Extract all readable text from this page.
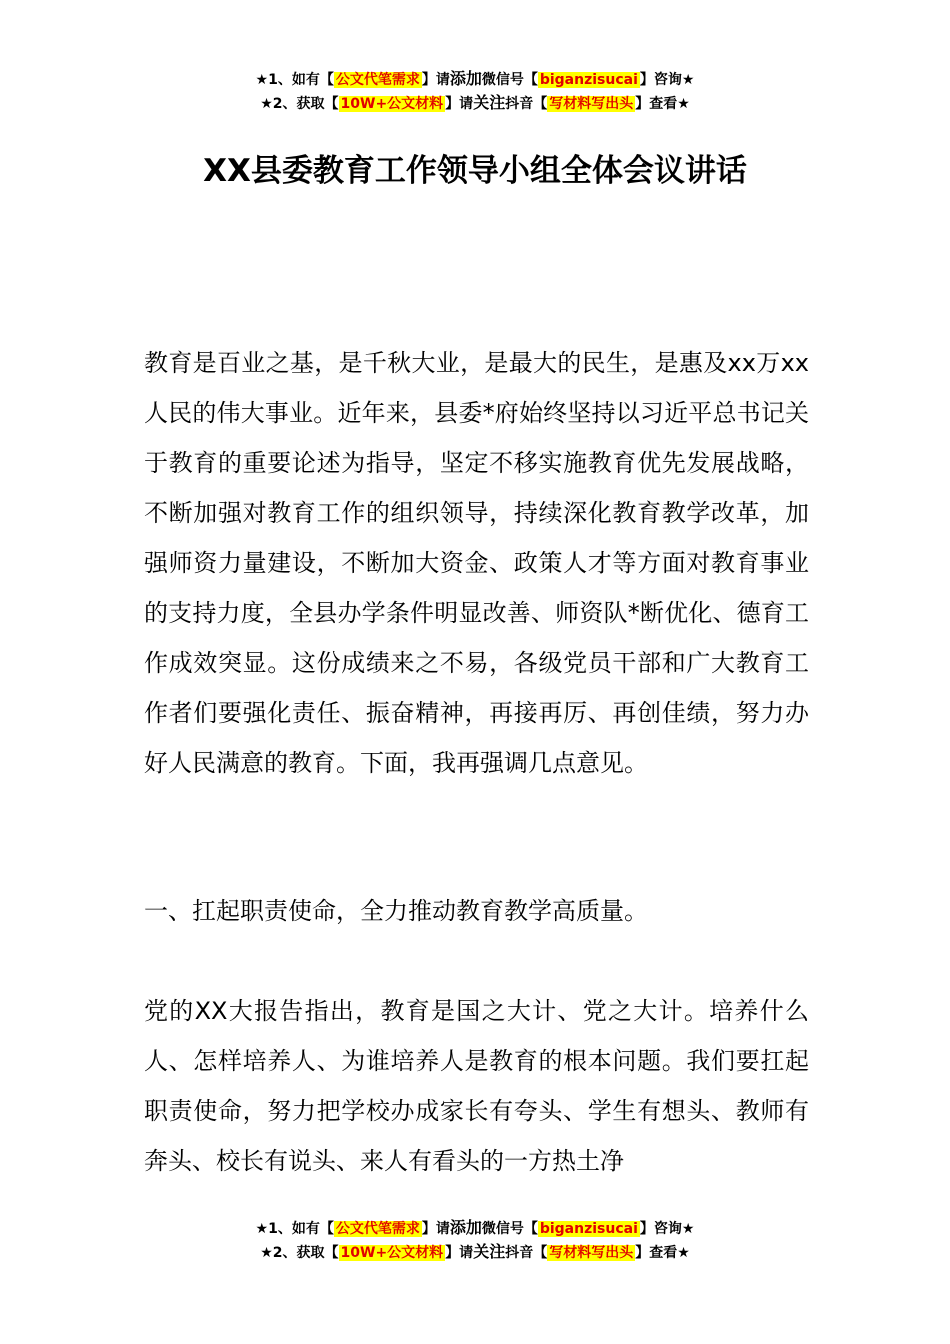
★1、如有【 公文代笔需求 】请添加微信号【 biganzisucai 】咨询★
★2、获取【 10W+公文材料 】请关注抖音【 写材料写出头 】查看★
XX县委教育工作领导小组全体会议讲话

教育是百业之基，是千秋大业，是最大的民生，是惠及xx万xx人民的伟大事业。近年来，县委*府始终坚持以习近平总书记关于教育的重要论述为指导，坚定不移实施教育优先发展战略，不断加强对教育工作的组织领导，持续深化教育教学改革，加强师资力量建设，不断加大资金、政策人才等方面对教育事业的支持力度，全县办学条件明显改善、师资队*断优化、德育工作成效突显。这份成绩来之不易，各级党员干部和广大教育工作者们要强化责任、振奋精神，再接再厉、再创佳绩，努力办好人民满意的教育。下面，我再强调几点意见。

一、扛起职责使命，全力推动教育教学高质量。

党的XX大报告指出，教育是国之大计、党之大计。培养什么人、怎样培养人、为谁培养人是教育的根本问题。我们要扛起职责使命，努力把学校办成家长有夸头、学生有想头、教师有奔头、校长有说头、来人有看头的一方热土净

★1、如有【 公文代笔需求 】请添加微信号【 biganzisucai 】咨询★
★2、获取【 10W+公文材料 】请关注抖音【 写材料写出头 】查看★
